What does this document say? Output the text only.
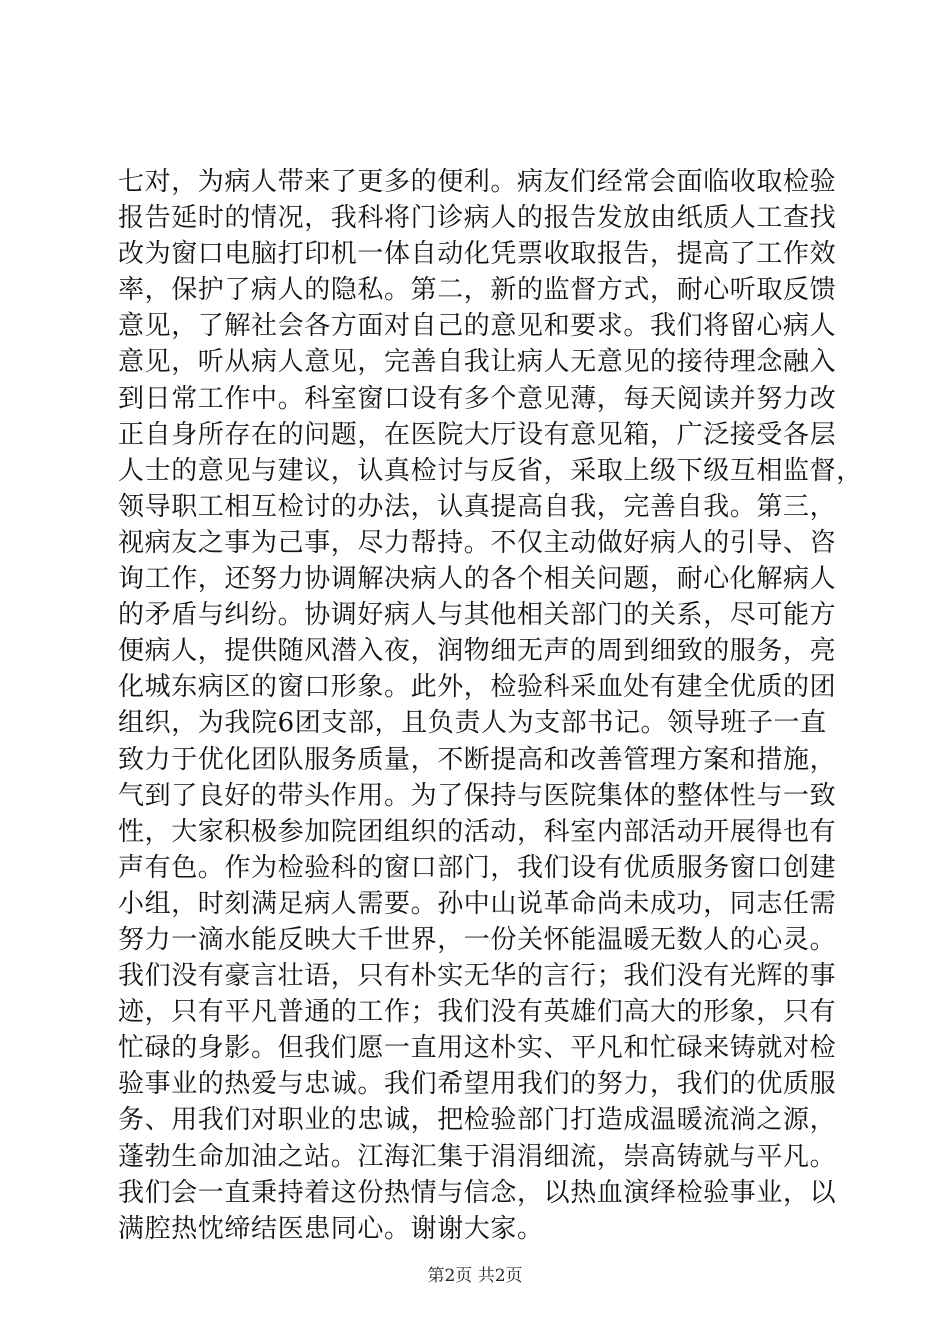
七对，为病人带来了更多的便利。病友们经常会面临收取检验
报告延时的情况，我科将门诊病人的报告发放由纸质人工查找
改为窗口电脑打印机一体自动化凭票收取报告，提高了工作效
率，保护了病人的隐私。第二，新的监督方式，耐心听取反馈
意见，了解社会各方面对自己的意见和要求。我们将留心病人
意见，听从病人意见，完善自我让病人无意见的接待理念融入
到日常工作中。科室窗口设有多个意见薄，每天阅读并努力改
正自身所存在的问题，在医院大厅设有意见箱，广泛接受各层
人士的意见与建议，认真检讨与反省，采取上级下级互相监督，
领导职工相互检讨的办法，认真提高自我，完善自我。第三，
视病友之事为己事，尽力帮持。不仅主动做好病人的引导、咨
询工作，还努力协调解决病人的各个相关问题，耐心化解病人
的矛盾与纠纷。协调好病人与其他相关部门的关系，尽可能方
便病人，提供随风潜入夜，润物细无声的周到细致的服务，亮
化城东病区的窗口形象。此外，检验科采血处有建全优质的团
组织，为我院6团支部，且负责人为支部书记。领导班子一直
致力于优化团队服务质量，不断提高和改善管理方案和措施，
气到了良好的带头作用。为了保持与医院集体的整体性与一致
性，大家积极参加院团组织的活动，科室内部活动开展得也有
声有色。作为检验科的窗口部门，我们设有优质服务窗口创建
小组，时刻满足病人需要。孙中山说革命尚未成功，同志任需
努力一滴水能反映大千世界，一份关怀能温暖无数人的心灵。
我们没有豪言壮语，只有朴实无华的言行；我们没有光辉的事
迹，只有平凡普通的工作；我们没有英雄们高大的形象，只有
忙碌的身影。但我们愿一直用这朴实、平凡和忙碌来铸就对检
验事业的热爱与忠诚。我们希望用我们的努力，我们的优质服
务、用我们对职业的忠诚，把检验部门打造成温暖流淌之源，
蓬勃生命加油之站。江海汇集于涓涓细流，崇高铸就与平凡。
我们会一直秉持着这份热情与信念，以热血演绎检验事业，以
满腔热忱缔结医患同心。谢谢大家。
第2页 共2页
